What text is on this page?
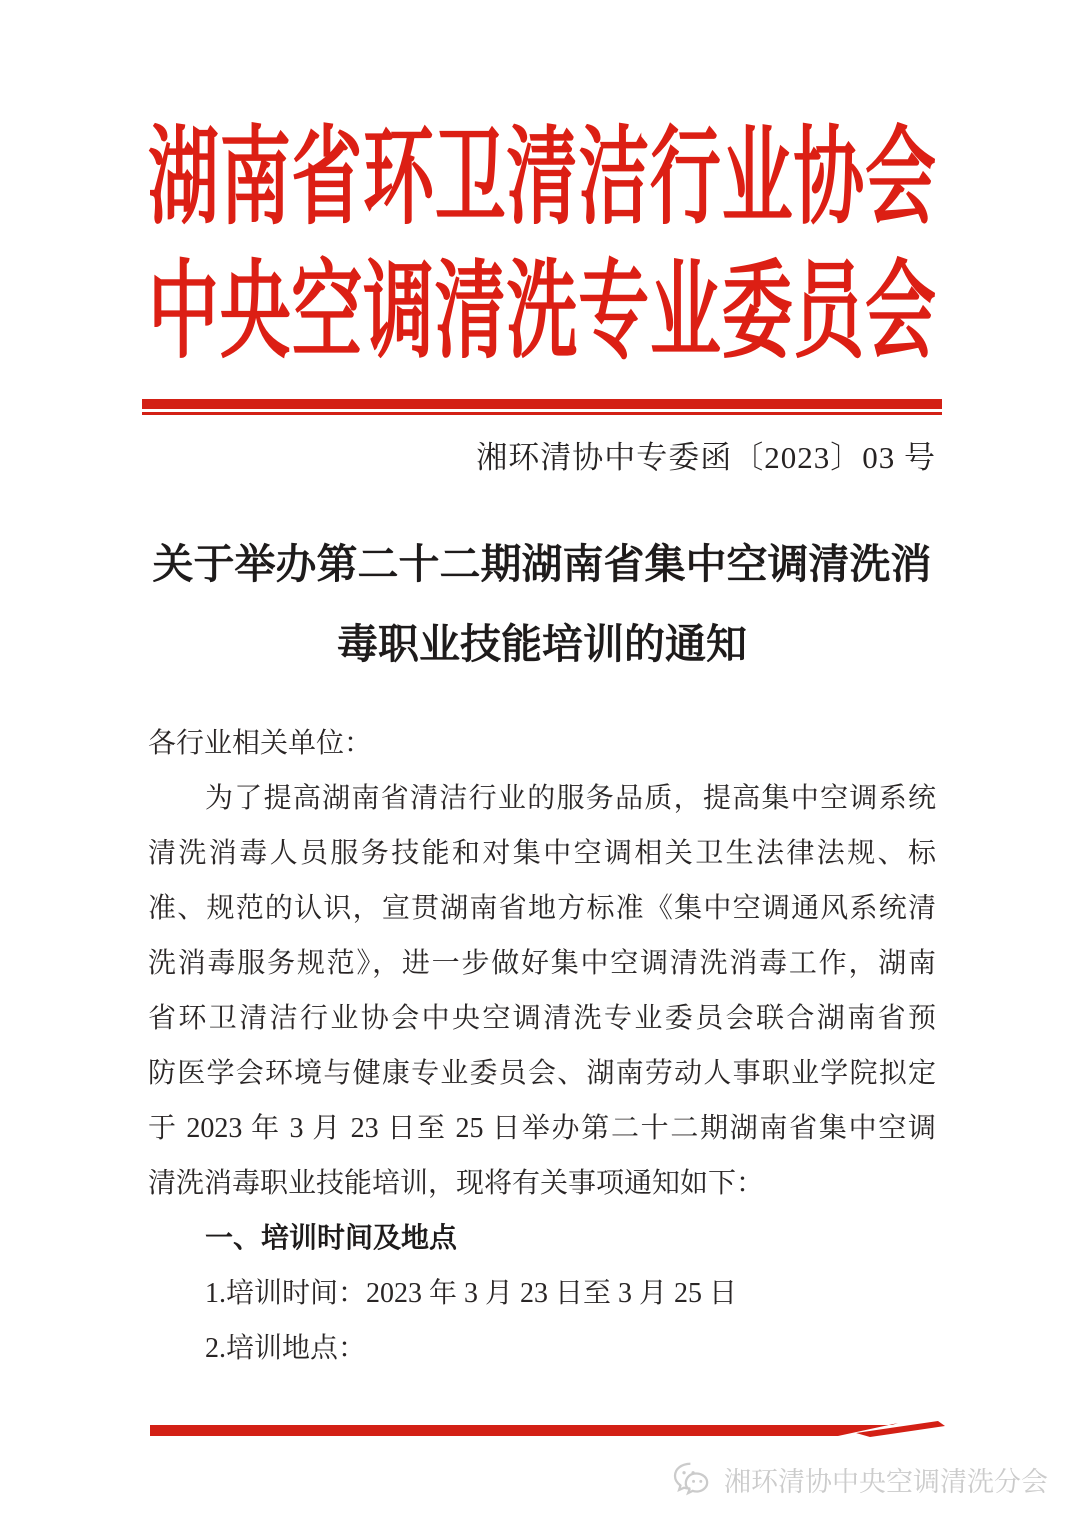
湖南省环卫清洁行业协会
中央空调清洗专业委员会
湘环清协中专委函〔2023〕03 号
关于举办第二十二期湖南省集中空调清洗消
毒职业技能培训的通知
各行业相关单位：
为了提高湖南省清洁行业的服务品质，提高集中空调系统
清洗消毒人员服务技能和对集中空调相关卫生法律法规、标
准、规范的认识，宣贯湖南省地方标准《集中空调通风系统清
洗消毒服务规范》，进一步做好集中空调清洗消毒工作，湖南
省环卫清洁行业协会中央空调清洗专业委员会联合湖南省预
防医学会环境与健康专业委员会、湖南劳动人事职业学院拟定
于 2023 年 3 月 23 日至 25 日举办第二十二期湖南省集中空调
清洗消毒职业技能培训，现将有关事项通知如下：
一、培训时间及地点
1.培训时间：2023 年 3 月 23 日至 3 月 25 日
2.培训地点：
湘环清协中央空调清洗分会
